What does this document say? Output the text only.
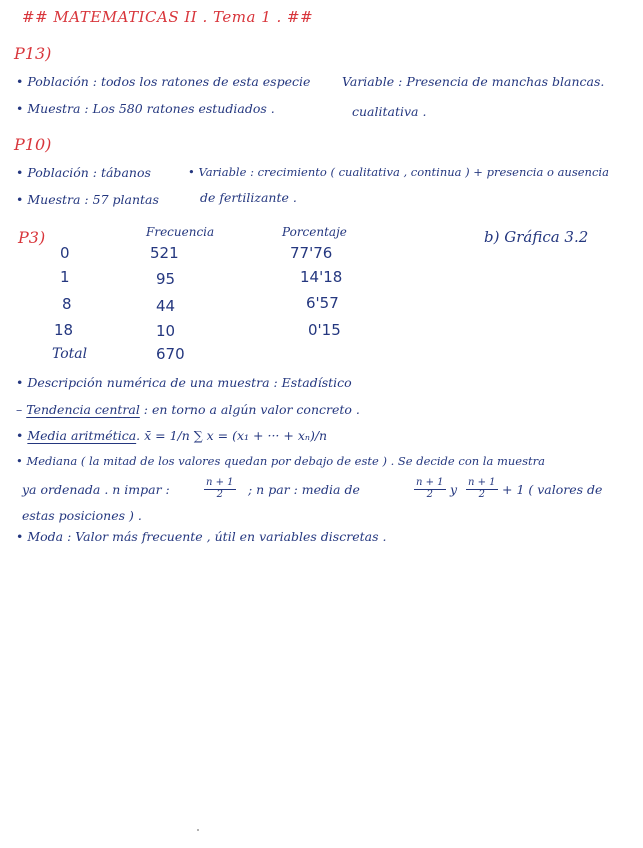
## MATEMATICAS II . Tema 1 . ##
P13)
• Población : todos los ratones de esta especie	Variable : Presencia de manchas blancas.
• Muestra : Los 580 ratones estudiados .	cualitativa .
P10)
• Población : tábanos	• Variable : crecimiento ( cualitativa , continua ) + presencia o ausencia
• Muestra : 57 plantas	de fertilizante .
P3)	Frecuencia	Porcentaje	b) Gráfica 3.2
0	521	77'76
1	95	14'18
8	44	6'57
18	10	0'15
Total	670
• Descripción numérica de una muestra : Estadístico
– Tendencia central : en torno a algún valor concreto .
• Media aritmética. x̄ = 1/n ∑ x = (x₁ + ··· + xₙ)/n
• Mediana ( la mitad de los valores quedan por debajo de este ) . Se decide con la muestra
ya ordenada . n impar :	$\frac{n + 1}{2}$ ; n par : media de	$\frac{n + 1}{2}$ y $\frac{n + 1}{2} + 1$ ( valores de
estas posiciones ) .
• Moda : Valor más frecuente , útil en variables discretas .
